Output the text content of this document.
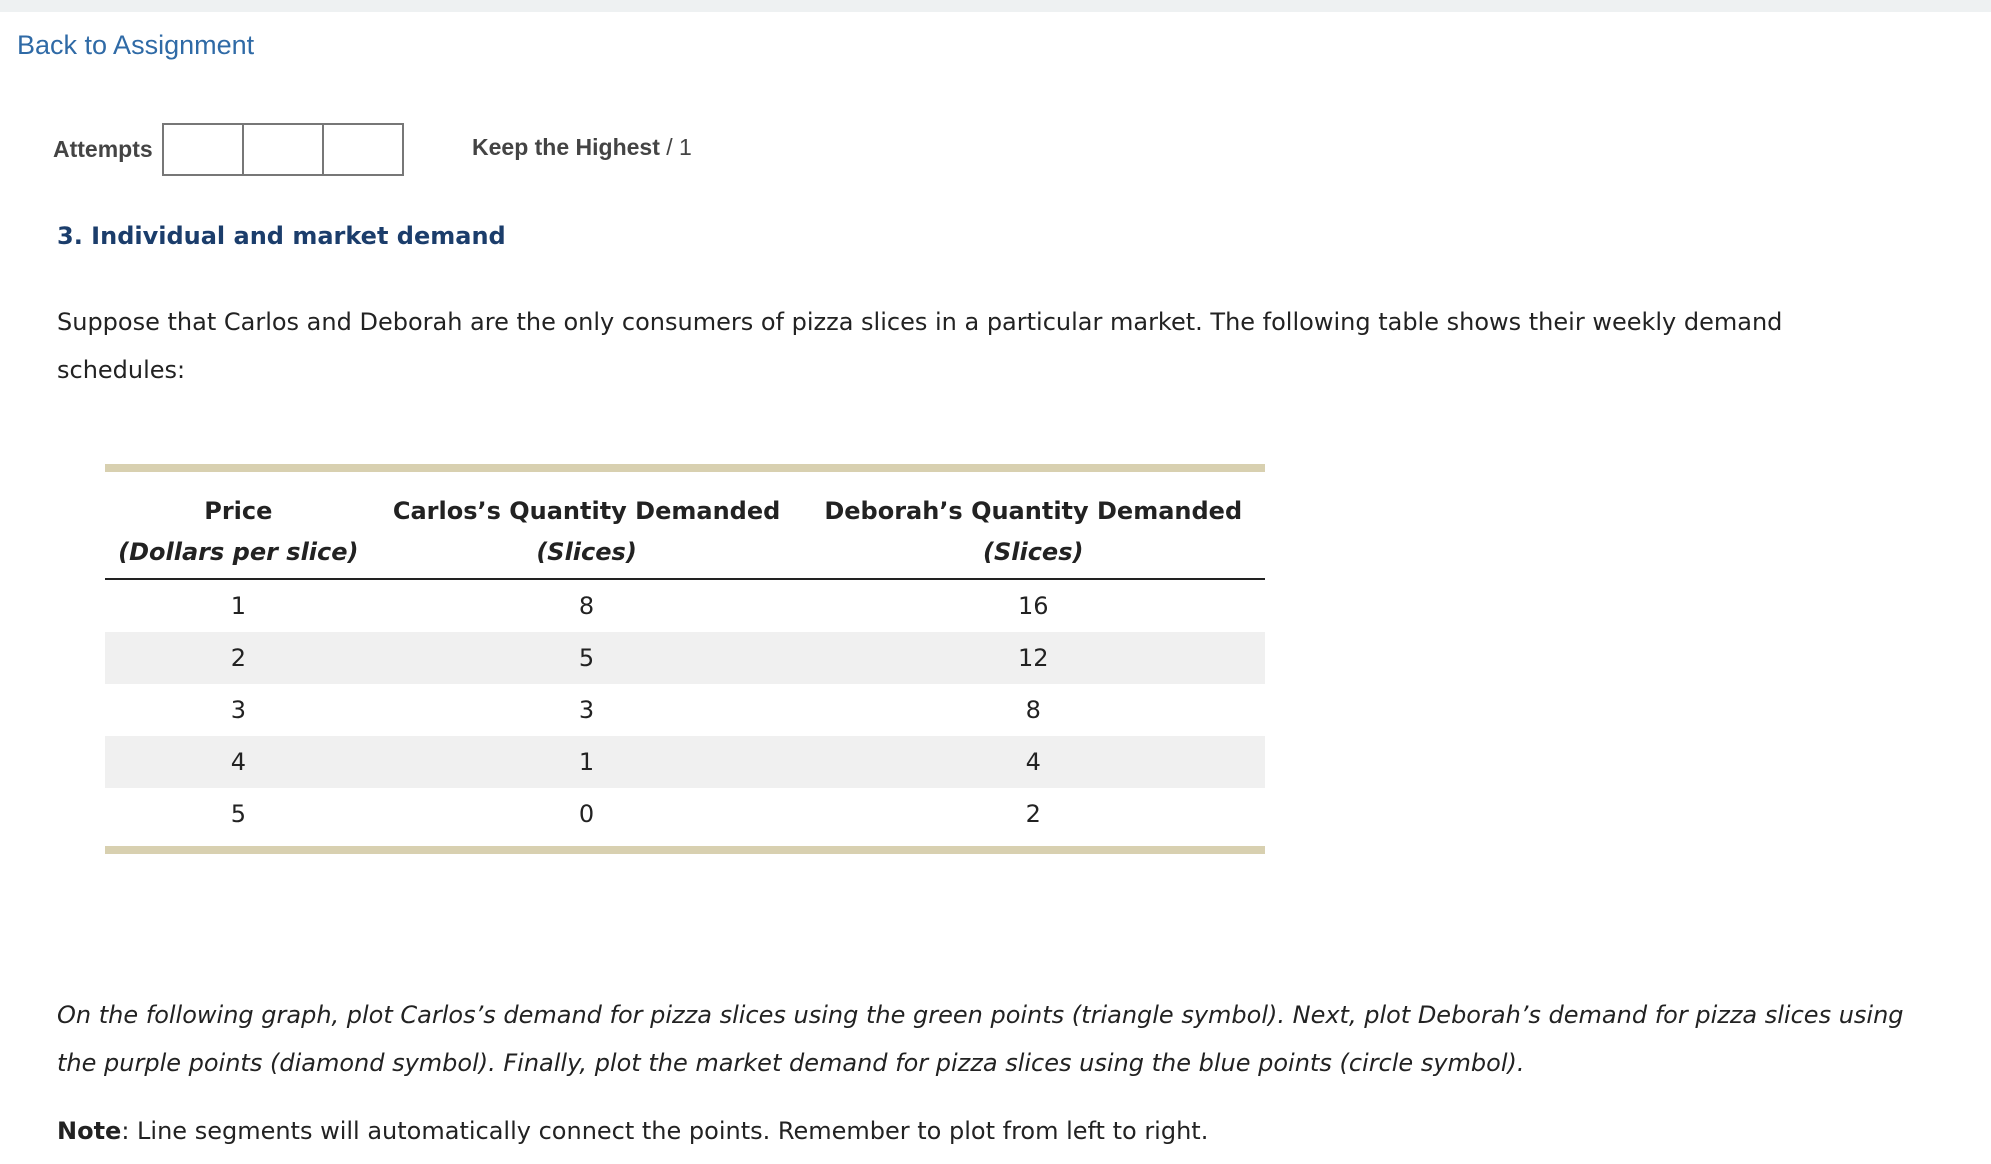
Back to Assignment
Attempts	Keep the Highest / 1
3. Individual and market demand

Suppose that Carlos and Deborah are the only consumers of pizza slices in a particular market. The following table shows their weekly demand schedules:

Price	Carlos’s Quantity Demanded	Deborah’s Quantity Demanded
(Dollars per slice)	(Slices)	(Slices)
1	8	16
2	5	12
3	3	8
4	1	4
5	0	2

On the following graph, plot Carlos’s demand for pizza slices using the green points (triangle symbol). Next, plot Deborah’s demand for pizza slices using the purple points (diamond symbol). Finally, plot the market demand for pizza slices using the blue points (circle symbol).

Note: Line segments will automatically connect the points. Remember to plot from left to right.
